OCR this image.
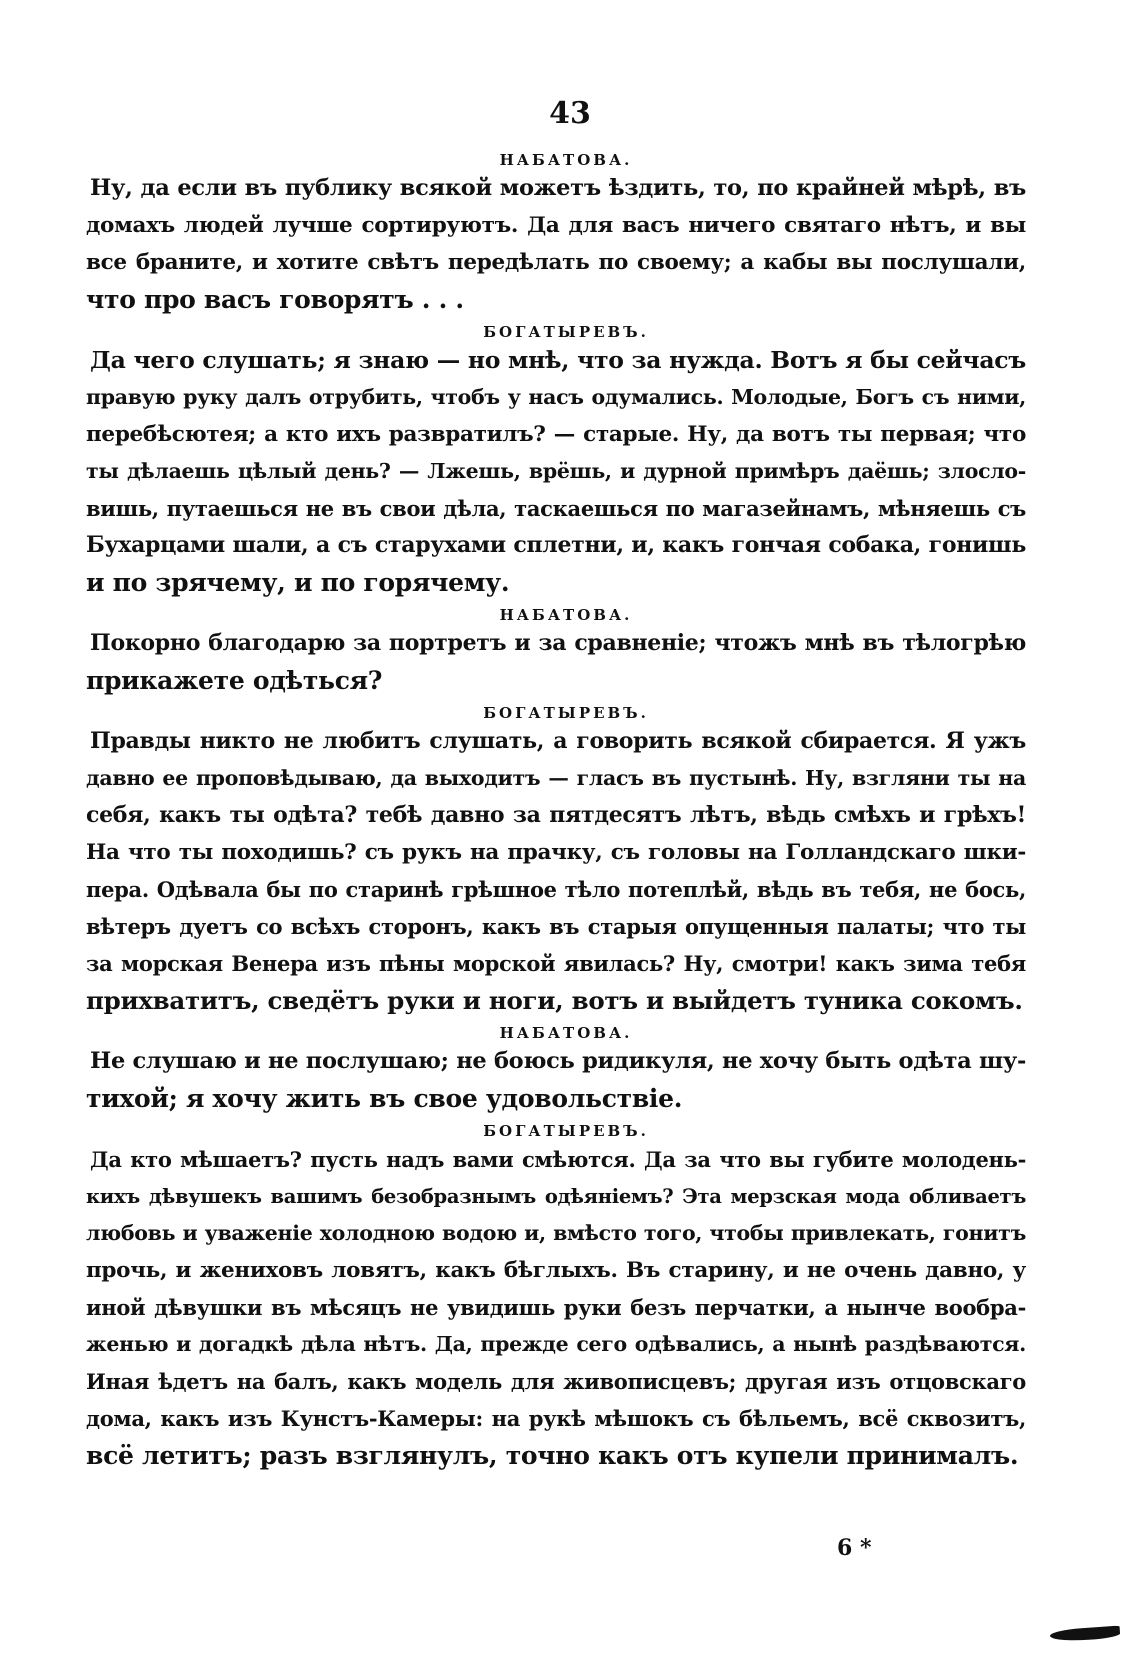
43
НАБАТОВА.
Ну, да если въ публику всякой можетъ ѣздить, то, по крайней мѣрѣ, въ
домахъ людей лучше сортируютъ. Да для васъ ничего святаго нѣтъ, и вы
все браните, и хотите свѣтъ передѣлать по своему; а кабы вы послушали,
что про васъ говорятъ . . .
БОГАТЫРЕВЪ.
Да чего слушать; я знаю — но мнѣ, что за нужда. Вотъ я бы сейчасъ
правую руку далъ отрубить, чтобъ у насъ одумались. Молодые, Богъ съ ними,
перебѣсютея; а кто ихъ развратилъ? — старые. Ну, да вотъ ты первая; что
ты дѣлаешь цѣлый день? — Лжешь, врёшь, и дурной примѣръ даёшь; злосло-
вишь, путаешься не въ свои дѣла, таскаешься по магазейнамъ, мѣняешь съ
Бухарцами шали, а съ старухами сплетни, и, какъ гончая собака, гонишь
и по зрячему, и по горячему.
НАБАТОВА.
Покорно благодарю за портретъ и за сравненіе; чтожъ мнѣ въ тѣлогрѣю
прикажете одѣться?
БОГАТЫРЕВЪ.
Правды никто не любитъ слушать, а говорить всякой сбирается. Я ужъ
давно ее проповѣдываю, да выходитъ — гласъ въ пустынѣ. Ну, взгляни ты на
себя, какъ ты одѣта? тебѣ давно за пятдесятъ лѣтъ, вѣдь смѣхъ и грѣхъ!
На что ты походишь? съ рукъ на прачку, съ головы на Голландскаго шки-
пера. Одѣвала бы по старинѣ грѣшное тѣло потеплѣй, вѣдь въ тебя, не бось,
вѣтеръ дуетъ со всѣхъ сторонъ, какъ въ старыя опущенныя палаты; что ты
за морская Венера изъ пѣны морской явилась? Ну, смотри! какъ зима тебя
прихватитъ, сведётъ руки и ноги, вотъ и выйдетъ туника сокомъ.
НАБАТОВА.
Не слушаю и не послушаю; не боюсь ридикуля, не хочу быть одѣта шу-
тихой; я хочу жить въ свое удовольствіе.
БОГАТЫРЕВЪ.
Да кто мѣшаетъ? пусть надъ вами смѣются. Да за что вы губите молодень-
кихъ дѣвушекъ вашимъ безобразнымъ одѣяніемъ? Эта мерзская мода обливаетъ
любовь и уваженіе холодною водою и, вмѣсто того, чтобы привлекать, гонитъ
прочь, и жениховъ ловятъ, какъ бѣглыхъ. Въ старину, и не очень давно, у
иной дѣвушки въ мѣсяцъ не увидишь руки безъ перчатки, а нынче вообра-
женью и догадкѣ дѣла нѣтъ. Да, прежде сего одѣвались, а нынѣ раздѣваются.
Иная ѣдетъ на балъ, какъ модель для живописцевъ; другая изъ отцовскаго
дома, какъ изъ Кунстъ-Камеры: на рукѣ мѣшокъ съ бѣльемъ, всё сквозитъ,
всё летитъ; разъ взглянулъ, точно какъ отъ купели принималъ.
6 *
